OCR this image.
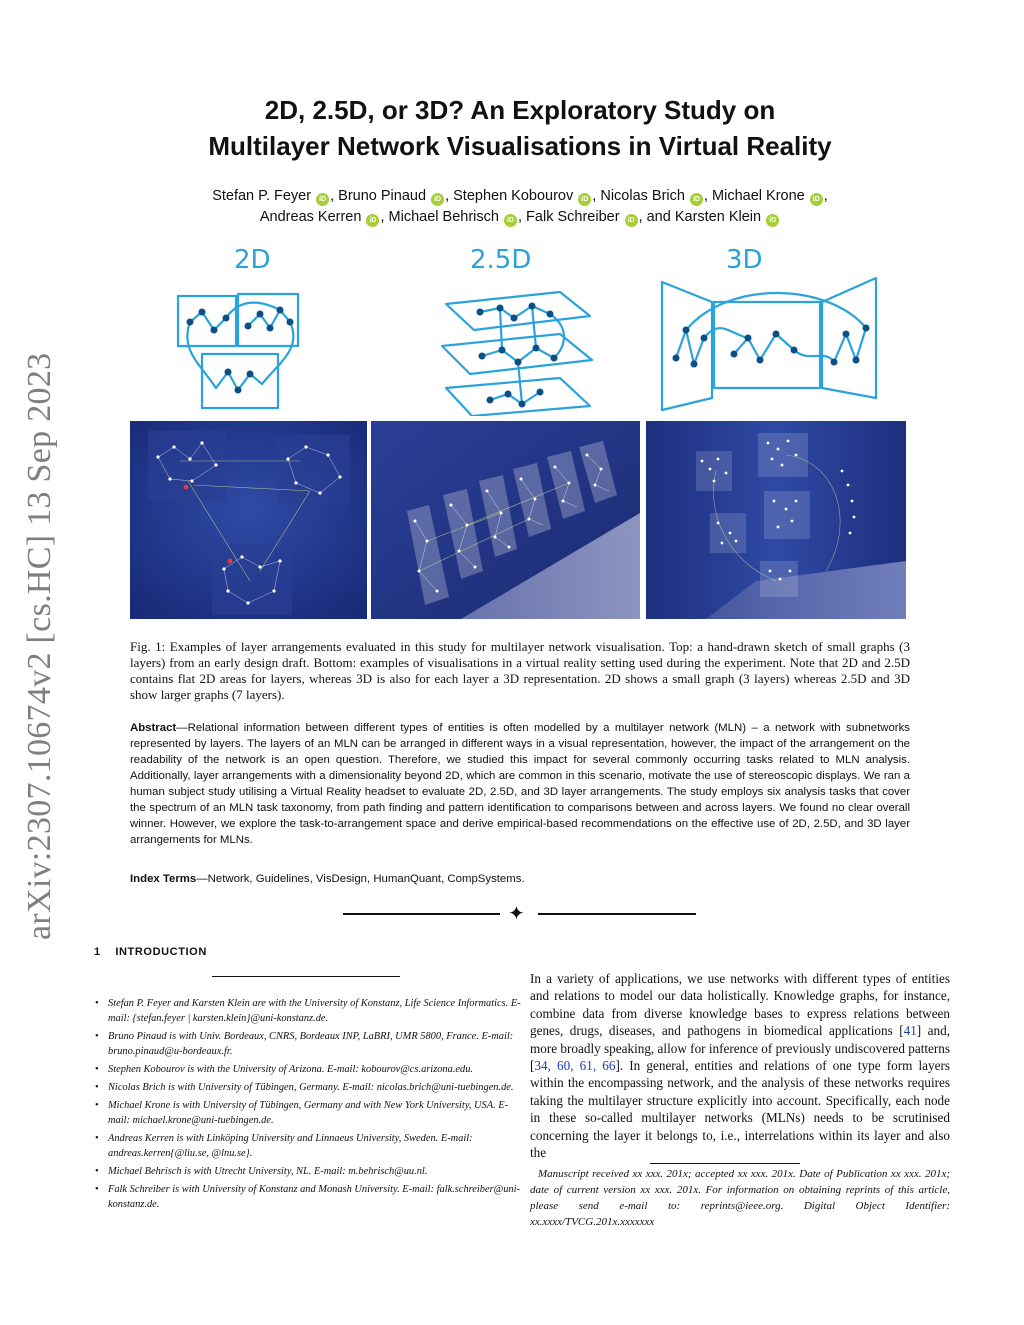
arXiv:2307.10674v2 [cs.HC] 13 Sep 2023
2D, 2.5D, or 3D? An Exploratory Study on
Multilayer Network Visualisations in Virtual Reality
Stefan P. Feyer iD , Bruno Pinaud iD , Stephen Kobourov iD , Nicolas Brich iD , Michael Krone iD ,
Andreas Kerren iD , Michael Behrisch iD , Falk Schreiber iD , and Karsten Klein iD
2D	2.5D	3D

Fig. 1: Examples of layer arrangements evaluated in this study for multilayer network visualisation. Top: a hand-drawn sketch of small graphs (3 layers) from an early design draft. Bottom: examples of visualisations in a virtual reality setting used during the experiment. Note that 2D and 2.5D contains flat 2D areas for layers, whereas 3D is also for each layer a 3D representation. 2D shows a small graph (3 layers) whereas 2.5D and 3D show larger graphs (7 layers).

Abstract—Relational information between different types of entities is often modelled by a multilayer network (MLN) – a network with subnetworks represented by layers. The layers of an MLN can be arranged in different ways in a visual representation, however, the impact of the arrangement on the readability of the network is an open question. Therefore, we studied this impact for several commonly occurring tasks related to MLN analysis. Additionally, layer arrangements with a dimensionality beyond 2D, which are common in this scenario, motivate the use of stereoscopic displays. We ran a human subject study utilising a Virtual Reality headset to evaluate 2D, 2.5D, and 3D layer arrangements. The study employs six analysis tasks that cover the spectrum of an MLN task taxonomy, from path finding and pattern identification to comparisons between and across layers. We found no clear overall winner. However, we explore the task-to-arrangement space and derive empirical-based recommendations on the effective use of 2D, 2.5D, and 3D layer arrangements for MLNs.

Index Terms—Network, Guidelines, VisDesign, HumanQuant, CompSystems.

✦
1 INTRODUCTION
• Stefan P. Feyer and Karsten Klein are with the University of Konstanz, Life Science Informatics. E-mail: {stefan.feyer | karsten.klein}@uni-konstanz.de.
• Bruno Pinaud is with Univ. Bordeaux, CNRS, Bordeaux INP, LaBRI, UMR 5800, France. E-mail: bruno.pinaud@u-bordeaux.fr.
• Stephen Kobourov is with the University of Arizona. E-mail: kobourov@cs.arizona.edu.
• Nicolas Brich is with University of Tübingen, Germany. E-mail: nicolas.brich@uni-tuebingen.de.
• Michael Krone is with University of Tübingen, Germany and with New York University, USA. E-mail: michael.krone@uni-tuebingen.de.
• Andreas Kerren is with Linköping University and Linnaeus University, Sweden. E-mail: andreas.kerren{@liu.se, @lnu.se}.
• Michael Behrisch is with Utrecht University, NL. E-mail: m.behrisch@uu.nl.
• Falk Schreiber is with University of Konstanz and Monash University. E-mail: falk.schreiber@uni-konstanz.de.

In a variety of applications, we use networks with different types of entities and relations to model our data holistically. Knowledge graphs, for instance, combine data from diverse knowledge bases to express relations between genes, drugs, diseases, and pathogens in biomedical applications [41] and, more broadly speaking, allow for inference of previously undiscovered patterns [34, 60, 61, 66]. In general, entities and relations of one type form layers within the encompassing network, and the analysis of these networks requires taking the multilayer structure explicitly into account. Specifically, each node in these so-called multilayer networks (MLNs) needs to be scrutinised concerning the layer it belongs to, i.e., interrelations within its layer and also the

Manuscript received xx xxx. 201x; accepted xx xxx. 201x. Date of Publication xx xxx. 201x; date of current version xx xxx. 201x. For information on obtaining reprints of this article, please send e-mail to: reprints@ieee.org. Digital Object Identifier: xx.xxxx/TVCG.201x.xxxxxxx
